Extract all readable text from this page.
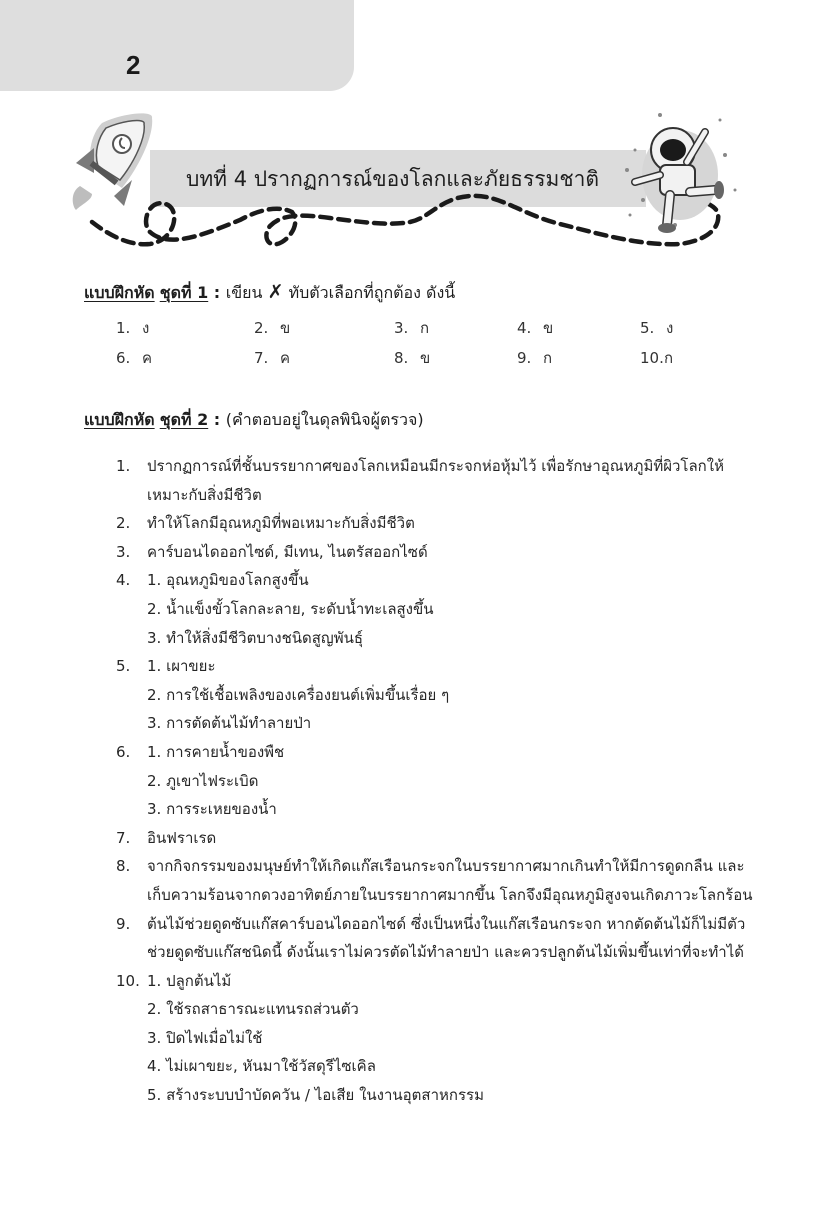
2
บทที่ 4 ปรากฏการณ์ของโลกและภัยธรรมชาติ
แบบฝึกหัด ชุดที่ 1 : เขียน ✗ ทับตัวเลือกที่ถูกต้อง ดังนี้
1. ง	2. ข	3. ก	4. ข	5. ง
6. ค	7. ค	8. ข	9. ก	10. ก
แบบฝึกหัด ชุดที่ 2 : (คำตอบอยู่ในดุลพินิจผู้ตรวจ)
1.	ปรากฏการณ์ที่ชั้นบรรยากาศของโลกเหมือนมีกระจกห่อหุ้มไว้ เพื่อรักษาอุณหภูมิที่ผิวโลกให้
เหมาะกับสิ่งมีชีวิต
2.	ทำให้โลกมีอุณหภูมิที่พอเหมาะกับสิ่งมีชีวิต
3.	คาร์บอนไดออกไซด์, มีเทน, ไนตรัสออกไซด์
4.	1. อุณหภูมิของโลกสูงขึ้น
2. น้ำแข็งขั้วโลกละลาย, ระดับน้ำทะเลสูงขึ้น
3. ทำให้สิ่งมีชีวิตบางชนิดสูญพันธุ์
5.	1. เผาขยะ
2. การใช้เชื้อเพลิงของเครื่องยนต์เพิ่มขึ้นเรื่อย ๆ
3. การตัดต้นไม้ทำลายป่า
6.	1. การคายน้ำของพืช
2. ภูเขาไฟระเบิด
3. การระเหยของน้ำ
7.	อินฟราเรด
8.	จากกิจกรรมของมนุษย์ทำให้เกิดแก๊สเรือนกระจกในบรรยากาศมากเกินทำให้มีการดูดกลืน และ
เก็บความร้อนจากดวงอาทิตย์ภายในบรรยากาศมากขึ้น โลกจึงมีอุณหภูมิสูงจนเกิดภาวะโลกร้อน
9.	ต้นไม้ช่วยดูดซับแก๊สคาร์บอนไดออกไซด์ ซึ่งเป็นหนึ่งในแก๊สเรือนกระจก หากตัดต้นไม้ก็ไม่มีตัว
ช่วยดูดซับแก๊สชนิดนี้ ดังนั้นเราไม่ควรตัดไม้ทำลายป่า และควรปลูกต้นไม้เพิ่มขึ้นเท่าที่จะทำได้
10. 1. ปลูกต้นไม้
2. ใช้รถสาธารณะแทนรถส่วนตัว
3. ปิดไฟเมื่อไม่ใช้
4. ไม่เผาขยะ, หันมาใช้วัสดุรีไซเคิล
5. สร้างระบบบำบัดควัน / ไอเสีย ในงานอุตสาหกรรม
